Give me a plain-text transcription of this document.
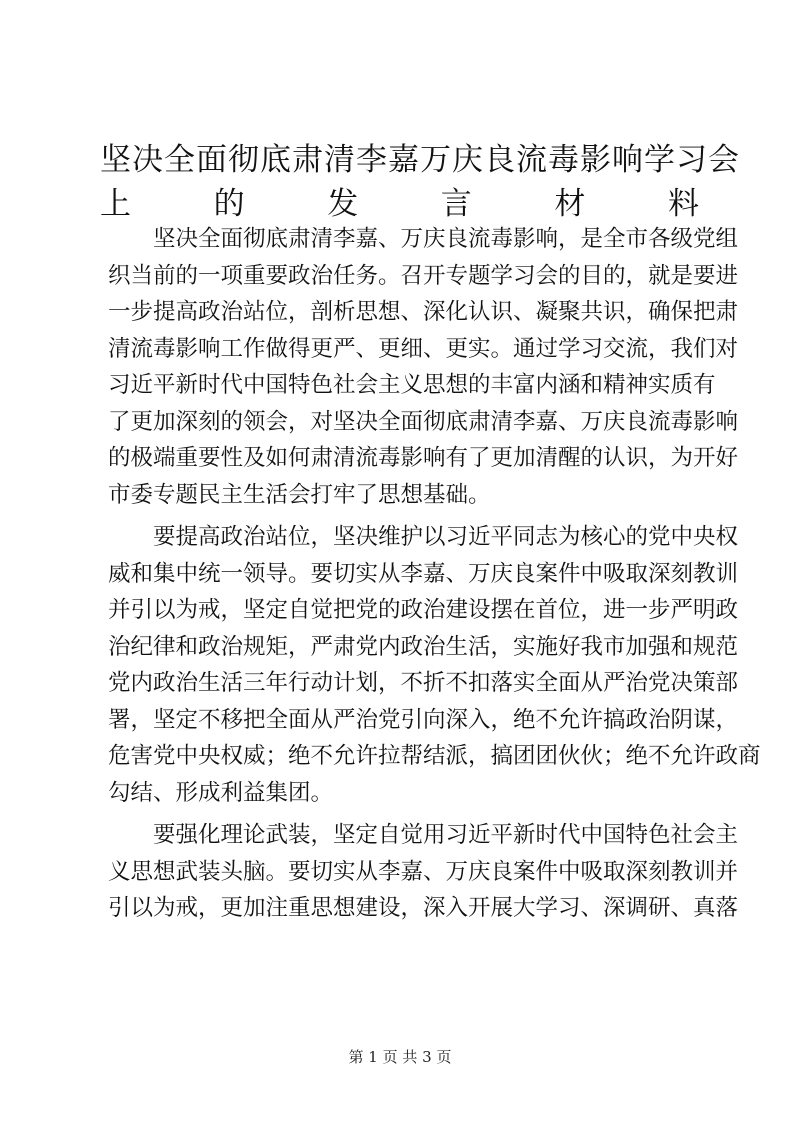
坚决全面彻底肃清李嘉万庆良流毒影响学习会
上的发言材料

　　坚决全面彻底肃清李嘉、万庆良流毒影响，是全市各级党组
织当前的一项重要政治任务。召开专题学习会的目的，就是要进
一步提高政治站位，剖析思想、深化认识、凝聚共识，确保把肃
清流毒影响工作做得更严、更细、更实。通过学习交流，我们对
习近平新时代中国特色社会主义思想的丰富内涵和精神实质有
了更加深刻的领会，对坚决全面彻底肃清李嘉、万庆良流毒影响
的极端重要性及如何肃清流毒影响有了更加清醒的认识，为开好
市委专题民主生活会打牢了思想基础。

　　要提高政治站位，坚决维护以习近平同志为核心的党中央权
威和集中统一领导。要切实从李嘉、万庆良案件中吸取深刻教训
并引以为戒，坚定自觉把党的政治建设摆在首位，进一步严明政
治纪律和政治规矩，严肃党内政治生活，实施好我市加强和规范
党内政治生活三年行动计划，不折不扣落实全面从严治党决策部
署，坚定不移把全面从严治党引向深入，绝不允许搞政治阴谋，
危害党中央权威；绝不允许拉帮结派，搞团团伙伙；绝不允许政商
勾结、形成利益集团。

　　要强化理论武装，坚定自觉用习近平新时代中国特色社会主
义思想武装头脑。要切实从李嘉、万庆良案件中吸取深刻教训并
引以为戒，更加注重思想建设，深入开展大学习、深调研、真落

第 1 页 共 3 页
